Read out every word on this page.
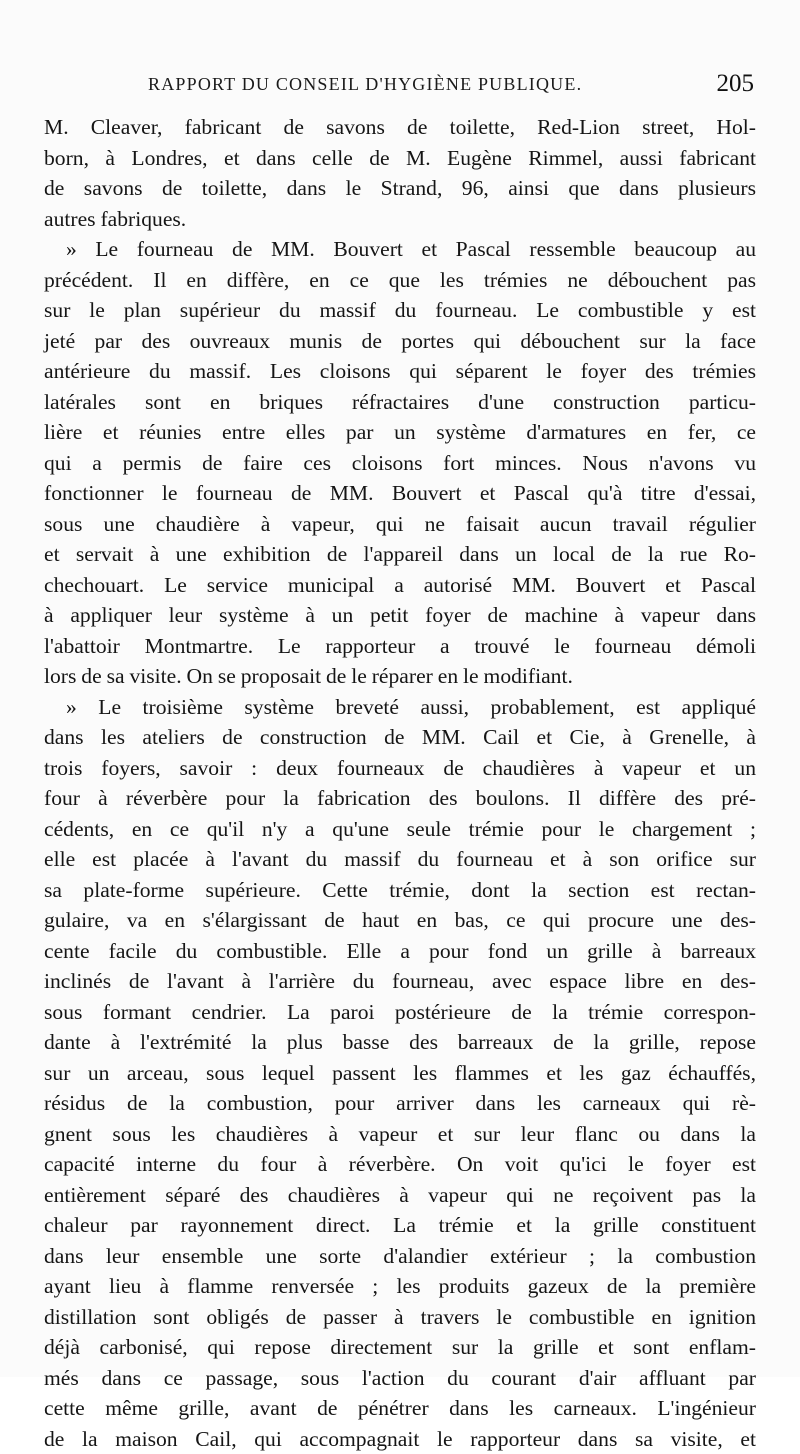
RAPPORT DU CONSEIL D'HYGIÈNE PUBLIQUE.	205
M. Cleaver, fabricant de savons de toilette, Red-Lion street, Hol-
born, à Londres, et dans celle de M. Eugène Rimmel, aussi fabricant
de savons de toilette, dans le Strand, 96, ainsi que dans plusieurs
autres fabriques.
» Le fourneau de MM. Bouvert et Pascal ressemble beaucoup au
précédent. Il en diffère, en ce que les trémies ne débouchent pas
sur le plan supérieur du massif du fourneau. Le combustible y est
jeté par des ouvreaux munis de portes qui débouchent sur la face
antérieure du massif. Les cloisons qui séparent le foyer des trémies
latérales sont en briques réfractaires d'une construction particu-
lière et réunies entre elles par un système d'armatures en fer, ce
qui a permis de faire ces cloisons fort minces. Nous n'avons vu
fonctionner le fourneau de MM. Bouvert et Pascal qu'à titre d'essai,
sous une chaudière à vapeur, qui ne faisait aucun travail régulier
et servait à une exhibition de l'appareil dans un local de la rue Ro-
chechouart. Le service municipal a autorisé MM. Bouvert et Pascal
à appliquer leur système à un petit foyer de machine à vapeur dans
l'abattoir Montmartre. Le rapporteur a trouvé le fourneau démoli
lors de sa visite. On se proposait de le réparer en le modifiant.
» Le troisième système breveté aussi, probablement, est appliqué
dans les ateliers de construction de MM. Cail et Cie, à Grenelle, à
trois foyers, savoir : deux fourneaux de chaudières à vapeur et un
four à réverbère pour la fabrication des boulons. Il diffère des pré-
cédents, en ce qu'il n'y a qu'une seule trémie pour le chargement ;
elle est placée à l'avant du massif du fourneau et à son orifice sur
sa plate-forme supérieure. Cette trémie, dont la section est rectan-
gulaire, va en s'élargissant de haut en bas, ce qui procure une des-
cente facile du combustible. Elle a pour fond un grille à barreaux
inclinés de l'avant à l'arrière du fourneau, avec espace libre en des-
sous formant cendrier. La paroi postérieure de la trémie correspon-
dante à l'extrémité la plus basse des barreaux de la grille, repose
sur un arceau, sous lequel passent les flammes et les gaz échauffés,
résidus de la combustion, pour arriver dans les carneaux qui rè-
gnent sous les chaudières à vapeur et sur leur flanc ou dans la
capacité interne du four à réverbère. On voit qu'ici le foyer est
entièrement séparé des chaudières à vapeur qui ne reçoivent pas la
chaleur par rayonnement direct. La trémie et la grille constituent
dans leur ensemble une sorte d'alandier extérieur ; la combustion
ayant lieu à flamme renversée ; les produits gazeux de la première
distillation sont obligés de passer à travers le combustible en ignition
déjà carbonisé, qui repose directement sur la grille et sont enflam-
més dans ce passage, sous l'action du courant d'air affluant par
cette même grille, avant de pénétrer dans les carneaux. L'ingénieur
de la maison Cail, qui accompagnait le rapporteur dans sa visite, et
